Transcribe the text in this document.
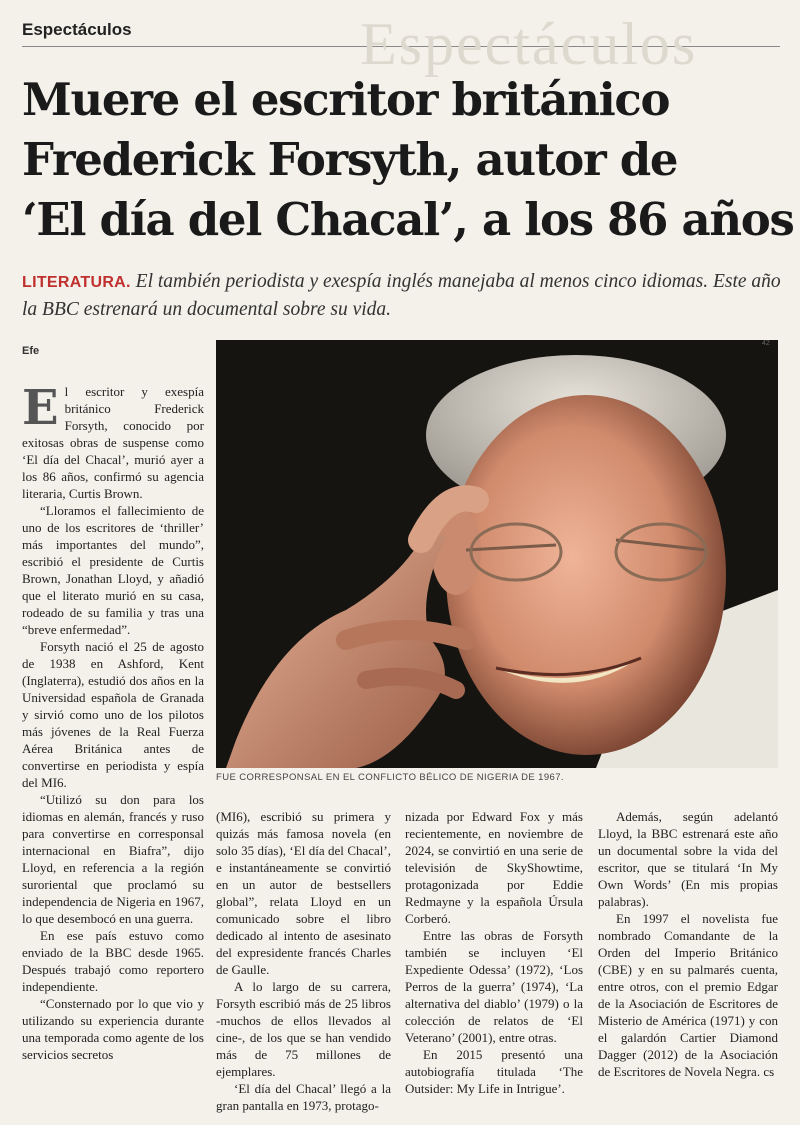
Espectáculos	Espectáculos
Muere el escritor británico
Frederick Forsyth, autor de
‘El día del Chacal’, a los 86 años
LITERATURA. El también periodista y exespía inglés manejaba al menos cinco idiomas. Este año la BBC estrenará un documental sobre su vida.
Efe
42
FUE CORRESPONSAL EN EL CONFLICTO BÉLICO DE NIGERIA DE 1967.

El escritor y exespía británico Frederick Forsyth, conocido por exitosas obras de suspense como ‘El día del Chacal’, murió ayer a los 86 años, confirmó su agencia literaria, Curtis Brown.

“Lloramos el fallecimiento de uno de los escritores de ‘thriller’ más importantes del mundo”, escribió el presidente de Curtis Brown, Jonathan Lloyd, y añadió que el literato murió en su casa, rodeado de su familia y tras una “breve enfermedad”.

Forsyth nació el 25 de agosto de 1938 en Ashford, Kent (Inglaterra), estudió dos años en la Universidad española de Granada y sirvió como uno de los pilotos más jóvenes de la Real Fuerza Aérea Británica antes de convertirse en periodista y espía del MI6.

“Utilizó su don para los idiomas en alemán, francés y ruso para convertirse en corresponsal internacional en Biafra”, dijo Lloyd, en referencia a la región suroriental que proclamó su independencia de Nigeria en 1967, lo que desembocó en una guerra.

En ese país estuvo como enviado de la BBC desde 1965. Después trabajó como reportero independiente.

“Consternado por lo que vio y utilizando su experiencia durante una temporada como agente de los servicios secretos

(MI6), escribió su primera y quizás más famosa novela (en solo 35 días), ‘El día del Chacal’, e instantáneamente se convirtió en un autor de bestsellers global”, relata Lloyd en un comunicado sobre el libro dedicado al intento de asesinato del expresidente francés Charles de Gaulle.

A lo largo de su carrera, Forsyth escribió más de 25 libros -muchos de ellos llevados al cine-, de los que se han vendido más de 75 millones de ejemplares.

‘El día del Chacal’ llegó a la gran pantalla en 1973, protago-

nizada por Edward Fox y más recientemente, en noviembre de 2024, se convirtió en una serie de televisión de SkyShowtime, protagonizada por Eddie Redmayne y la española Úrsula Corberó.

Entre las obras de Forsyth también se incluyen ‘El Expediente Odessa’ (1972), ‘Los Perros de la guerra’ (1974), ‘La alternativa del diablo’ (1979) o la colección de relatos de ‘El Veterano’ (2001), entre otras.

En 2015 presentó una autobiografía titulada ‘The Outsider: My Life in Intrigue’.

Además, según adelantó Lloyd, la BBC estrenará este año un documental sobre la vida del escritor, que se titulará ‘In My Own Words’ (En mis propias palabras).

En 1997 el novelista fue nombrado Comandante de la Orden del Imperio Británico (CBE) y en su palmarés cuenta, entre otros, con el premio Edgar de la Asociación de Escritores de Misterio de América (1971) y con el galardón Cartier Diamond Dagger (2012) de la Asociación de Escritores de Novela Negra. cs
